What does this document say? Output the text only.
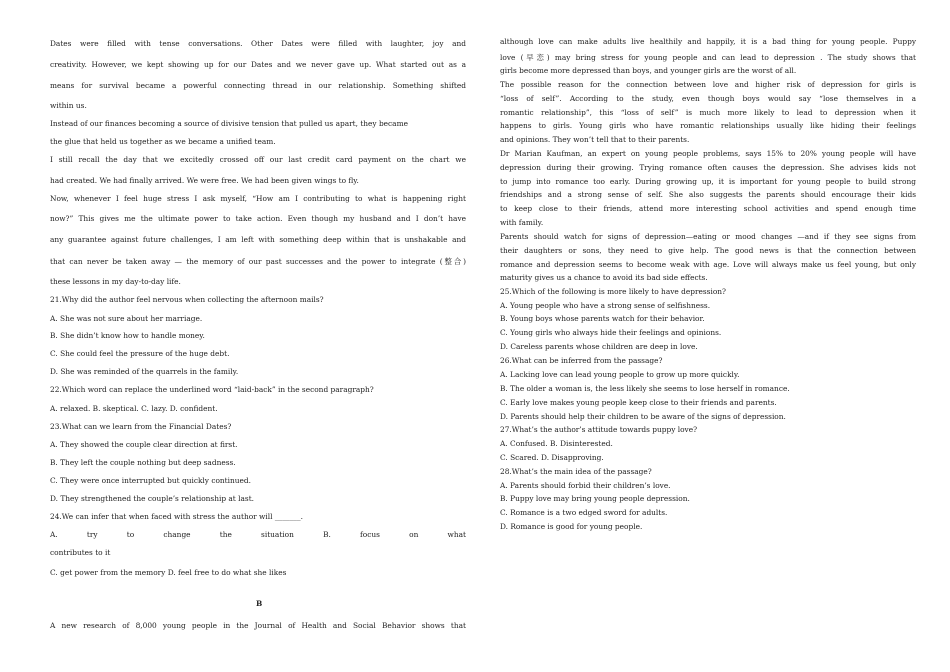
Dates were filled with tense conversations. Other Dates were filled with laughter, joy and
creativity. However, we kept showing up for our Dates and we never gave up. What started out as a
means for survival became a powerful connecting thread in our relationship. Something shifted
within us.
Instead of our finances becoming a source of divisive tension that pulled us apart, they became
the glue that held us together as we became a unified team.
I still recall the day that we excitedly crossed off our last credit card payment on the chart we
had created. We had finally arrived. We were free. We had been given wings to fly.
Now, whenever I feel huge stress I ask myself, “How am I contributing to what is happening right
now?” This gives me the ultimate power to take action. Even though my husband and I don’t have
any guarantee against future challenges, I am left with something deep within that is unshakable and
that can never be taken away — the memory of our past successes and the power to integrate (整合)
these lessons in my day-to-day life.
21.Why did the author feel nervous when collecting the afternoon mails?
A. She was not sure about her marriage.
B. She didn’t know how to handle money.
C. She could feel the pressure of the huge debt.
D. She was reminded of the quarrels in the family.
22.Which word can replace the underlined word “laid-back” in the second paragraph?
A. relaxed. B. skeptical. C. lazy. D. confident.
23.What can we learn from the Financial Dates?
A. They showed the couple clear direction at first.
B. They left the couple nothing but deep sadness.
C. They were once interrupted but quickly continued.
D. They strengthened the couple’s relationship at last.
24.We can infer that when faced with stress the author will _______.
A. try to change the situation B. focus on what
contributes to it
C. get power from the memory D. feel free to do what she likes
B
A new research of 8,000 young people in the Journal of Health and Social Behavior shows that
although love can make adults live healthily and happily, it is a bad thing for young people. Puppy
love (早恋) may bring stress for young people and can lead to depression . The study shows that
girls become more depressed than boys, and younger girls are the worst of all.
The possible reason for the connection between love and higher risk of depression for girls is
“loss of self”. According to the study, even though boys would say “lose themselves in a
romantic relationship”, this “loss of self” is much more likely to lead to depression when it
happens to girls. Young girls who have romantic relationships usually like hiding their feelings
and opinions. They won’t tell that to their parents.
Dr Marian Kaufman, an expert on young people problems, says 15% to 20% young people will have
depression during their growing. Trying romance often causes the depression. She advises kids not
to jump into romance too early. During growing up, it is important for young people to build strong
friendships and a strong sense of self. She also suggests the parents should encourage their kids
to keep close to their friends, attend more interesting school activities and spend enough time
with family.
Parents should watch for signs of depression—eating or mood changes —and if they see signs from
their daughters or sons, they need to give help. The good news is that the connection between
romance and depression seems to become weak with age. Love will always make us feel young, but only
maturity gives us a chance to avoid its bad side effects.
25.Which of the following is more likely to have depression?
A. Young people who have a strong sense of selfishness.
B. Young boys whose parents watch for their behavior.
C. Young girls who always hide their feelings and opinions.
D. Careless parents whose children are deep in love.
26.What can be inferred from the passage?
A. Lacking love can lead young people to grow up more quickly.
B. The older a woman is, the less likely she seems to lose herself in romance.
C. Early love makes young people keep close to their friends and parents.
D. Parents should help their children to be aware of the signs of depression.
27.What’s the author’s attitude towards puppy love?
A. Confused. B. Disinterested.
C. Scared. D. Disapproving.
28.What’s the main idea of the passage?
A. Parents should forbid their children’s love.
B. Puppy love may bring young people depression.
C. Romance is a two edged sword for adults.
D. Romance is good for young people.
